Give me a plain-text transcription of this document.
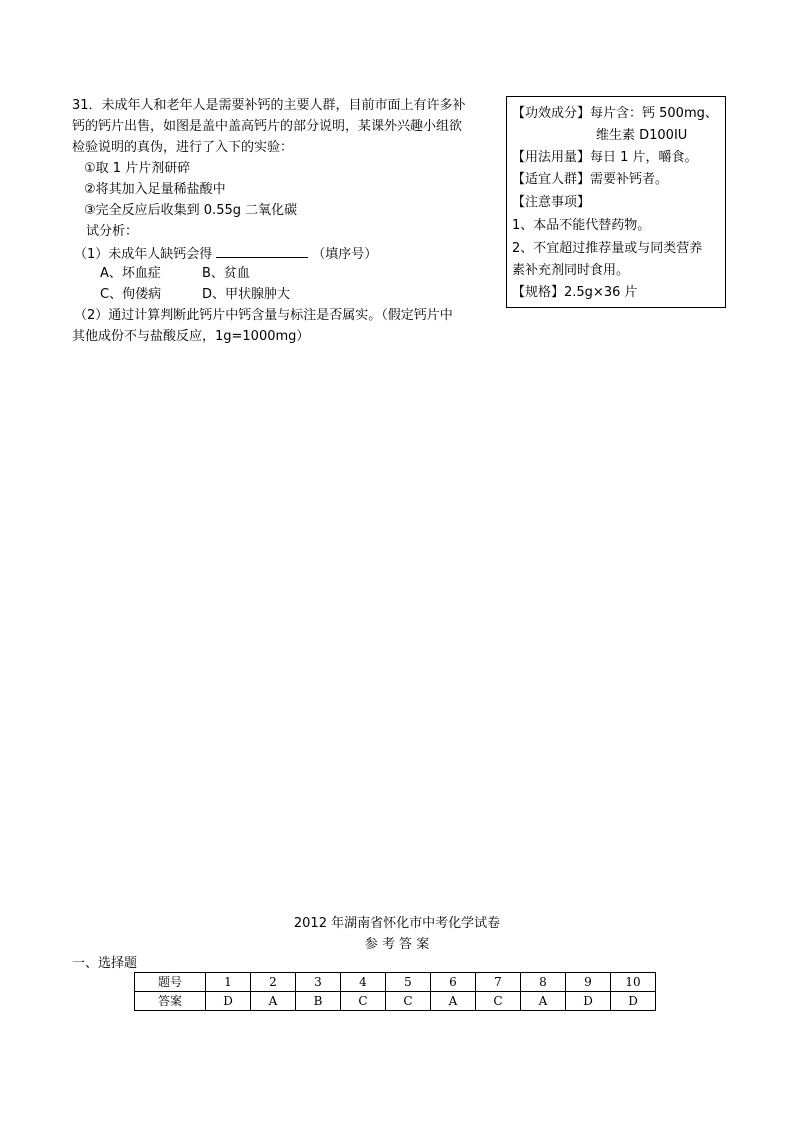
31．未成年人和老年人是需要补钙的主要人群，目前市面上有许多补
钙的钙片出售，如图是盖中盖高钙片的部分说明，某课外兴趣小组欲
检验说明的真伪，进行了入下的实验：
①取 1 片片剂研碎
②将其加入足量稀盐酸中
③完全反应后收集到 0.55g 二氧化碳
试分析：
（1）未成年人缺钙会得	（填序号）
A、坏血症	B、贫血
C、佝偻病	D、甲状腺肿大
（2）通过计算判断此钙片中钙含量与标注是否属实。（假定钙片中
其他成份不与盐酸反应，1g=1000mg）
【功效成分】每片含：钙 500mg、
维生素 D100IU
【用法用量】每日 1 片，嚼食。
【适宜人群】需要补钙者。
【注意事项】
1、本品不能代替药物。
2、不宜超过推荐量或与同类营养
素补充剂同时食用。
【规格】2.5g×36 片
2012 年湖南省怀化市中考化学试卷
参 考 答 案
一、选择题
题号	1	2	3	4	5	6	7	8	9	10
答案	D	A	B	C	C	A	C	A	D	D
